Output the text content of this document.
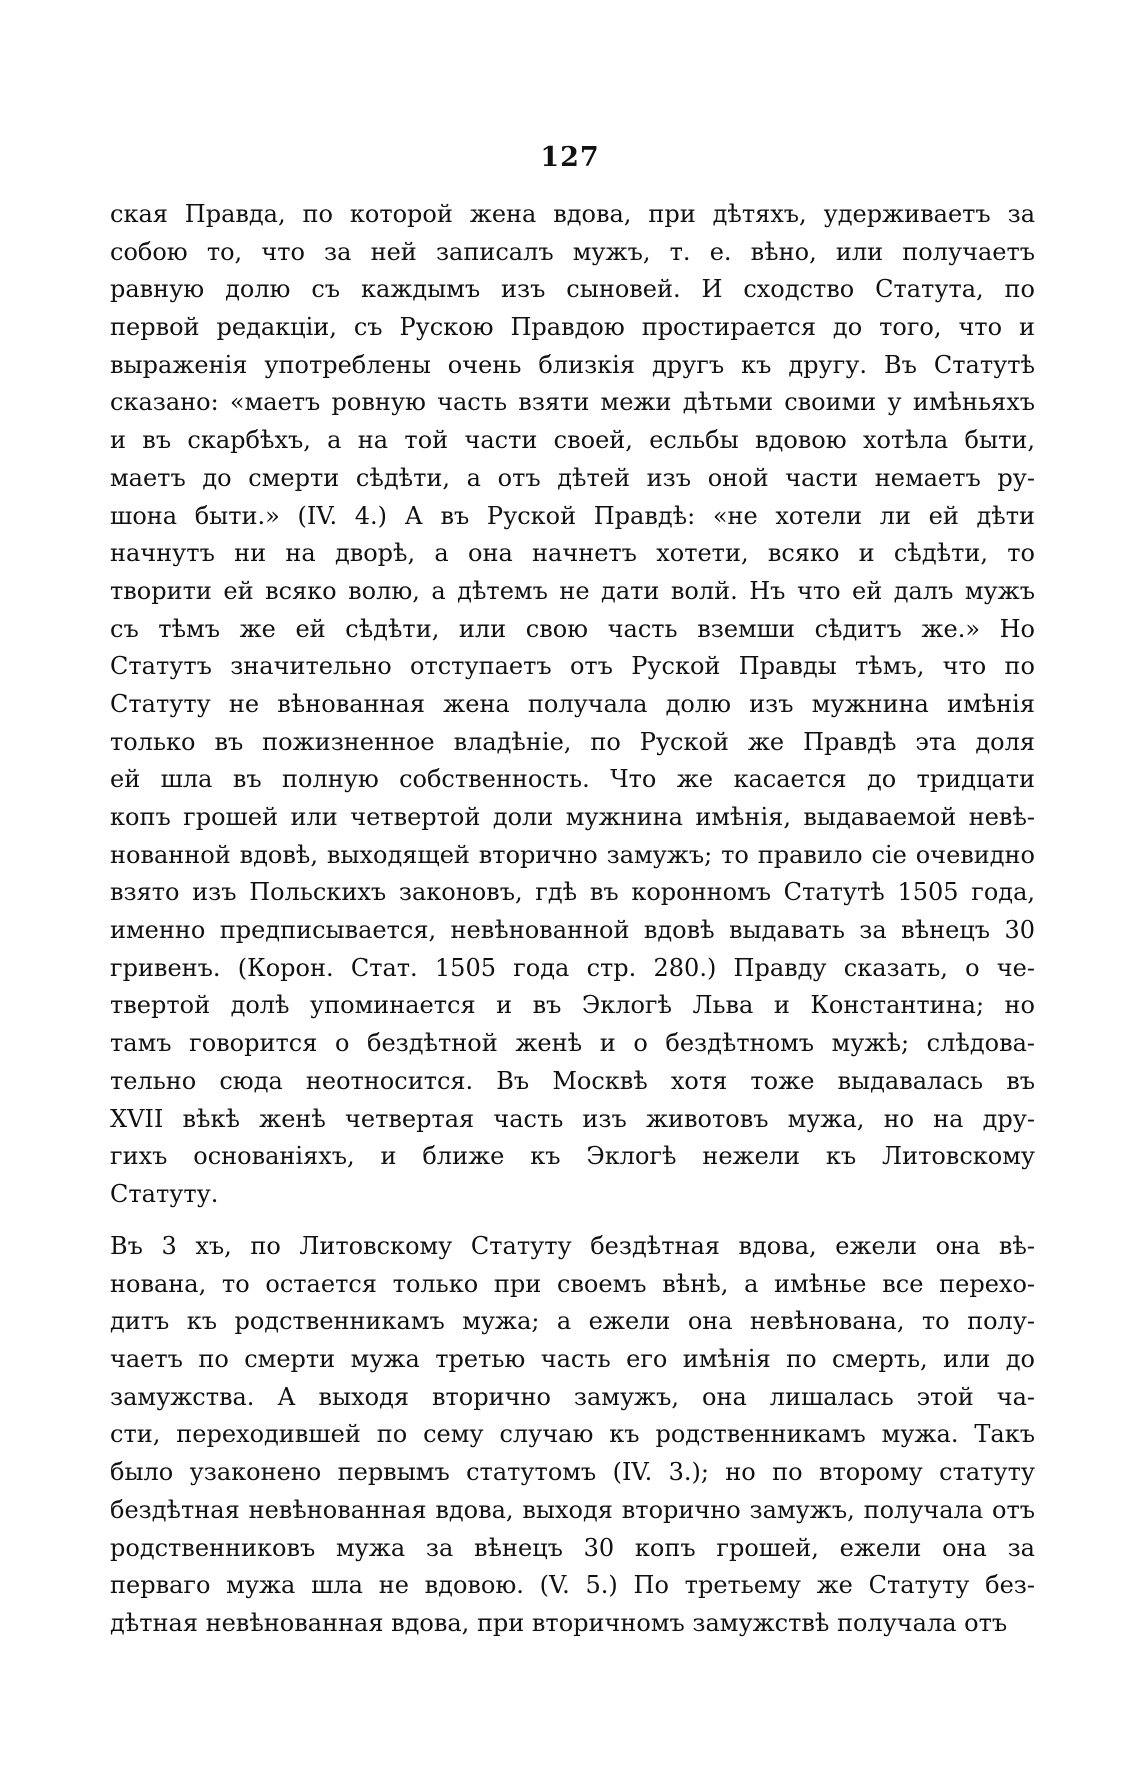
127
ская Правда, по которой жена вдова, при дѣтяхъ, удерживаетъ за
собою то, что за ней записалъ мужъ, т. е. вѣно, или получаетъ
равную долю съ каждымъ изъ сыновей. И сходство Статута, по
первой редакціи, съ Рускою Правдою простирается до того, что и
выраженія употреблены очень близкія другъ къ другу. Въ Статутѣ
сказано: «маетъ ровную часть взяти межи дѣтьми своими у имѣньяхъ
и въ скарбѣхъ, а на той части своей, есльбы вдовою хотѣла быти,
маетъ до смерти сѣдѣти, а отъ дѣтей изъ оной части немаетъ ру-
шона быти.» (IV. 4.) А въ Руской Правдѣ: «не хотели ли ей дѣти
начнутъ ни на дворѣ, а она начнетъ хотети, всяко и сѣдѣти, то
творити ей всяко волю, а дѣтемъ не дати волй. Нъ что ей далъ мужъ
съ тѣмъ же ей сѣдѣти, или свою часть вземши сѣдитъ же.» Но
Статутъ значительно отступаетъ отъ Руской Правды тѣмъ, что по
Статуту не вѣнованная жена получала долю изъ мужнина имѣнія
только въ пожизненное владѣніе, по Руской же Правдѣ эта доля
ей шла въ полную собственность. Что же касается до тридцати
копъ грошей или четвертой доли мужнина имѣнія, выдаваемой невѣ-
нованной вдовѣ, выходящей вторично замужъ; то правило сіе очевидно
взято изъ Польскихъ законовъ, гдѣ въ коронномъ Статутѣ 1505 года,
именно предписывается, невѣнованной вдовѣ выдавать за вѣнецъ 30
гривенъ. (Корон. Стат. 1505 года стр. 280.) Правду сказать, о че-
твертой долѣ упоминается и въ Эклогѣ Льва и Константина; но
тамъ говорится о бездѣтной женѣ и о бездѣтномъ мужѣ; слѣдова-
тельно сюда неотносится. Въ Москвѣ хотя тоже выдавалась въ
XVII вѣкѣ женѣ четвертая часть изъ животовъ мужа, но на дру-
гихъ основаніяхъ, и ближе къ Эклогѣ нежели къ Литовскому
Статуту.
Въ 3 хъ, по Литовскому Статуту бездѣтная вдова, ежели она вѣ-
нована, то остается только при своемъ вѣнѣ, а имѣнье все перехо-
дитъ къ родственникамъ мужа; а ежели она невѣнована, то полу-
чаетъ по смерти мужа третью часть его имѣнія по смерть, или до
замужства. А выходя вторично замужъ, она лишалась этой ча-
сти, переходившей по сему случаю къ родственникамъ мужа. Такъ
было узаконено первымъ статутомъ (IV. 3.); но по второму статуту
бездѣтная невѣнованная вдова, выходя вторично замужъ, получала отъ
родственниковъ мужа за вѣнецъ 30 копъ грошей, ежели она за
перваго мужа шла не вдовою. (V. 5.) По третьему же Статуту без-
дѣтная невѣнованная вдова, при вторичномъ замужствѣ получала отъ
